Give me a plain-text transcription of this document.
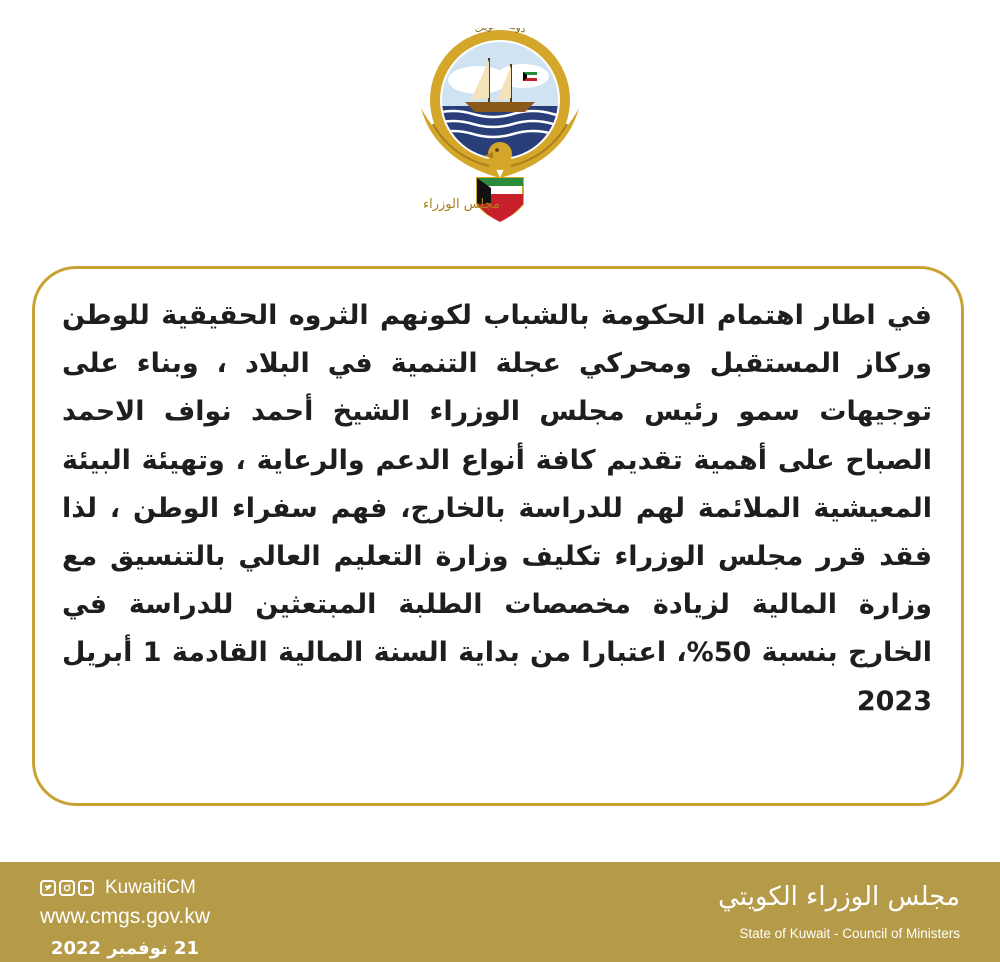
دو ت
مجلس الوزراء
في اطار اهتمام الحكومة بالشباب لكونهم الثروه الحقيقية للوطن وركاز المستقبل ومحركي عجلة التنمية في البلاد ، وبناء على توجيهات سمو رئيس مجلس الوزراء الشيخ أحمد نواف الاحمد الصباح على أهمية تقديم كافة أنواع الدعم والرعاية ، وتهيئة البيئة المعيشية الملائمة لهم للدراسة بالخارج، فهم سفراء الوطن ، لذا فقد قرر مجلس الوزراء تكليف وزارة التعليم العالي بالتنسيق مع وزارة المالية لزيادة مخصصات الطلبة المبتعثين للدراسة في الخارج بنسبة 50%، اعتبارا من بداية السنة المالية القادمة 1 أبريل 2023
KuwaitiCM
www.cmgs.gov.kw
21 نوفمبر 2022
مجلس الوزراء الكويتي
State of Kuwait - Council of Ministers
